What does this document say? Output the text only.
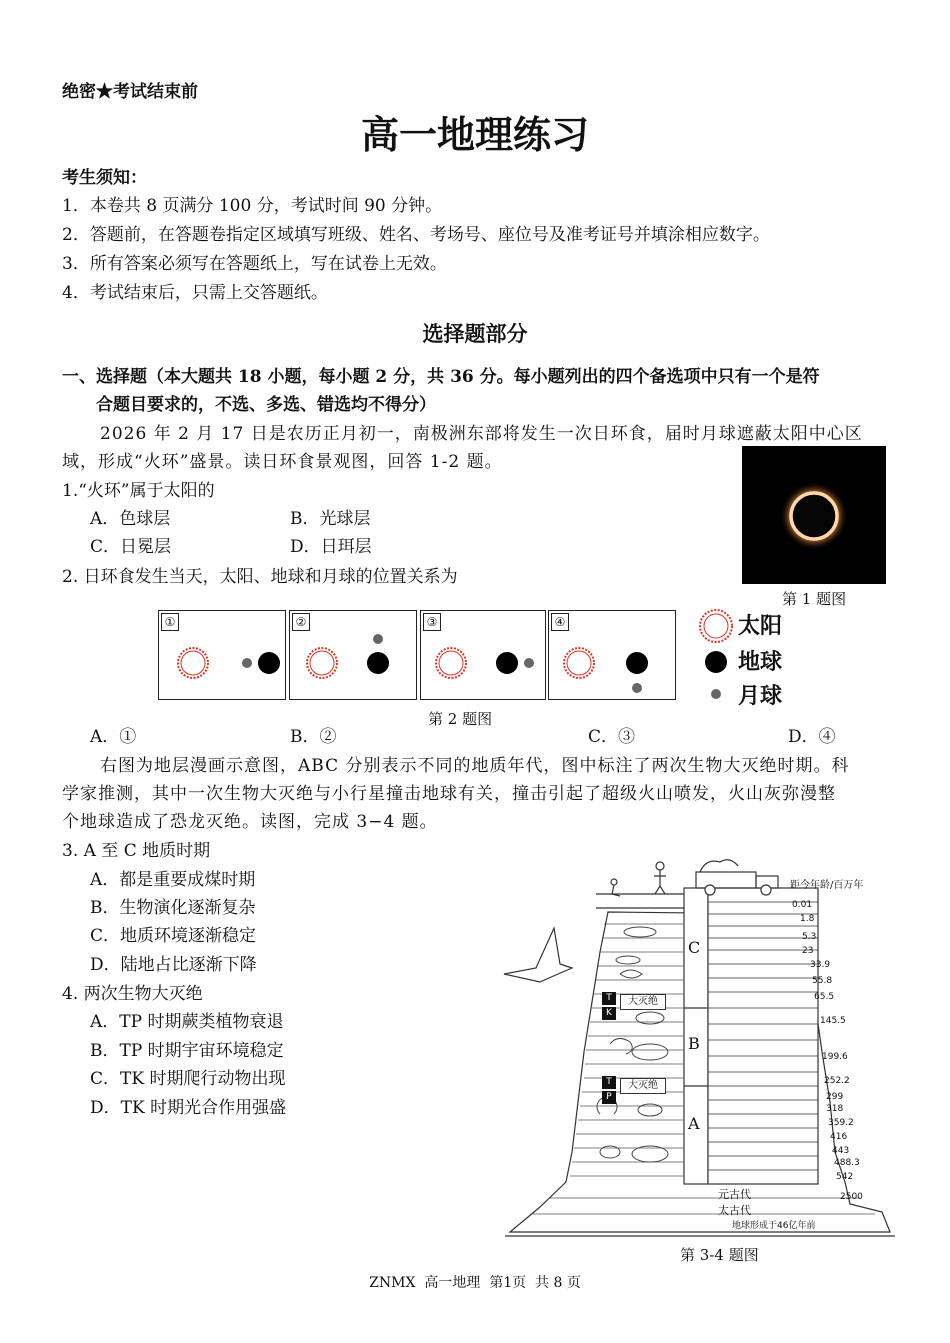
绝密★考试结束前
高一地理练习
考生须知：
1．本卷共 8 页满分 100 分，考试时间 90 分钟。
2．答题前，在答题卷指定区域填写班级、姓名、考场号、座位号及准考证号并填涂相应数字。
3．所有答案必须写在答题纸上，写在试卷上无效。
4．考试结束后，只需上交答题纸。
选择题部分
一、选择题（本大题共 18 小题，每小题 2 分，共 36 分。每小题列出的四个备选项中只有一个是符
合题目要求的，不选、多选、错选均不得分）
2026 年 2 月 17 日是农历正月初一，南极洲东部将发生一次日环食，届时月球遮蔽太阳中心区
域，形成“火环”盛景。读日环食景观图，回答 1-2 题。
1.“火环”属于太阳的
A．色球层	B．光球层
C．日冕层	D．日珥层
第 1 题图
2. 日环食发生当天，太阳、地球和月球的位置关系为
①	②	③	④	太阳
地球
月球
第 2 题图
A．①	B．②	C．③	D．④
右图为地层漫画示意图，ABC 分别表示不同的地质年代，图中标注了两次生物大灭绝时期。科
学家推测，其中一次生物大灭绝与小行星撞击地球有关，撞击引起了超级火山喷发，火山灰弥漫整
个地球造成了恐龙灭绝。读图，完成 3−4 题。
3. A 至 C 地质时期
A．都是重要成煤时期
B．生物演化逐渐复杂
C．地质环境逐渐稳定
D．陆地占比逐渐下降
4. 两次生物大灭绝
A．TP 时期蕨类植物衰退
B．TP 时期宇宙环境稳定
C．TK 时期爬行动物出现
D．TK 时期光合作用强盛
距今年龄/百万年
C
B
A
T
K
大灭绝
T
P
大灭绝
0.01
1.8
5.3
23
33.9
55.8
65.5
145.5
199.6
252.2
299
318
359.2
416
443
488.3
542
2500
元古代
太古代
地球形成于46亿年前
第 3-4 题图
ZNMX  高一地理  第1页  共 8 页
